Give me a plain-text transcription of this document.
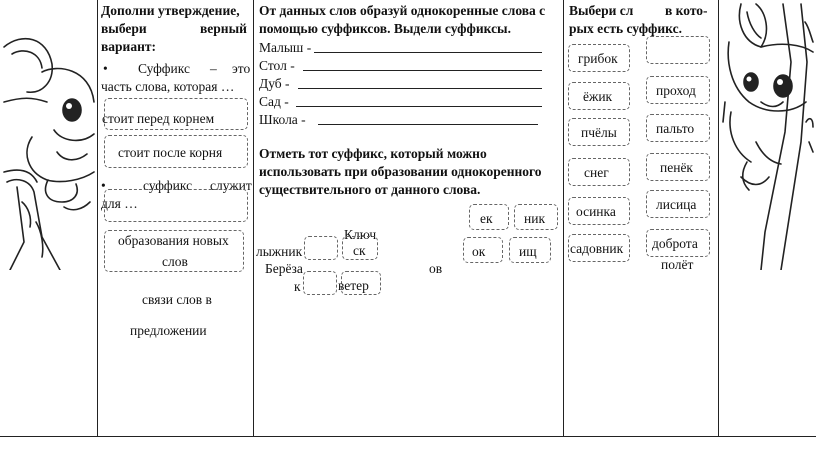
Дополни утверждение,
выбери	верный
вариант:
• Суффикс – это
часть слова, которая …
стоит перед корнем
стоит после корня
•	суффикс служит
для …
образования новых
слов
связи слов в
предложении
От данных слов образуй однокоренные слова с
помощью суффиксов. Выдели суффиксы.
Малыш -
Стол -
Дуб -
Сад -
Школа -
Отметь тот суффикс, который можно
использовать при образовании однокоренного
существительного от данного слова.
ек ник
ок ищ
Ключ
лыжник	ск
Берёза	ов
к	ветер
Выбери сл в кото-
рых есть суффикс.
грибок
ёжик
пчёлы
снег
осинка
садовник
проход
пальто
пенёк
лисица
доброта
полёт
